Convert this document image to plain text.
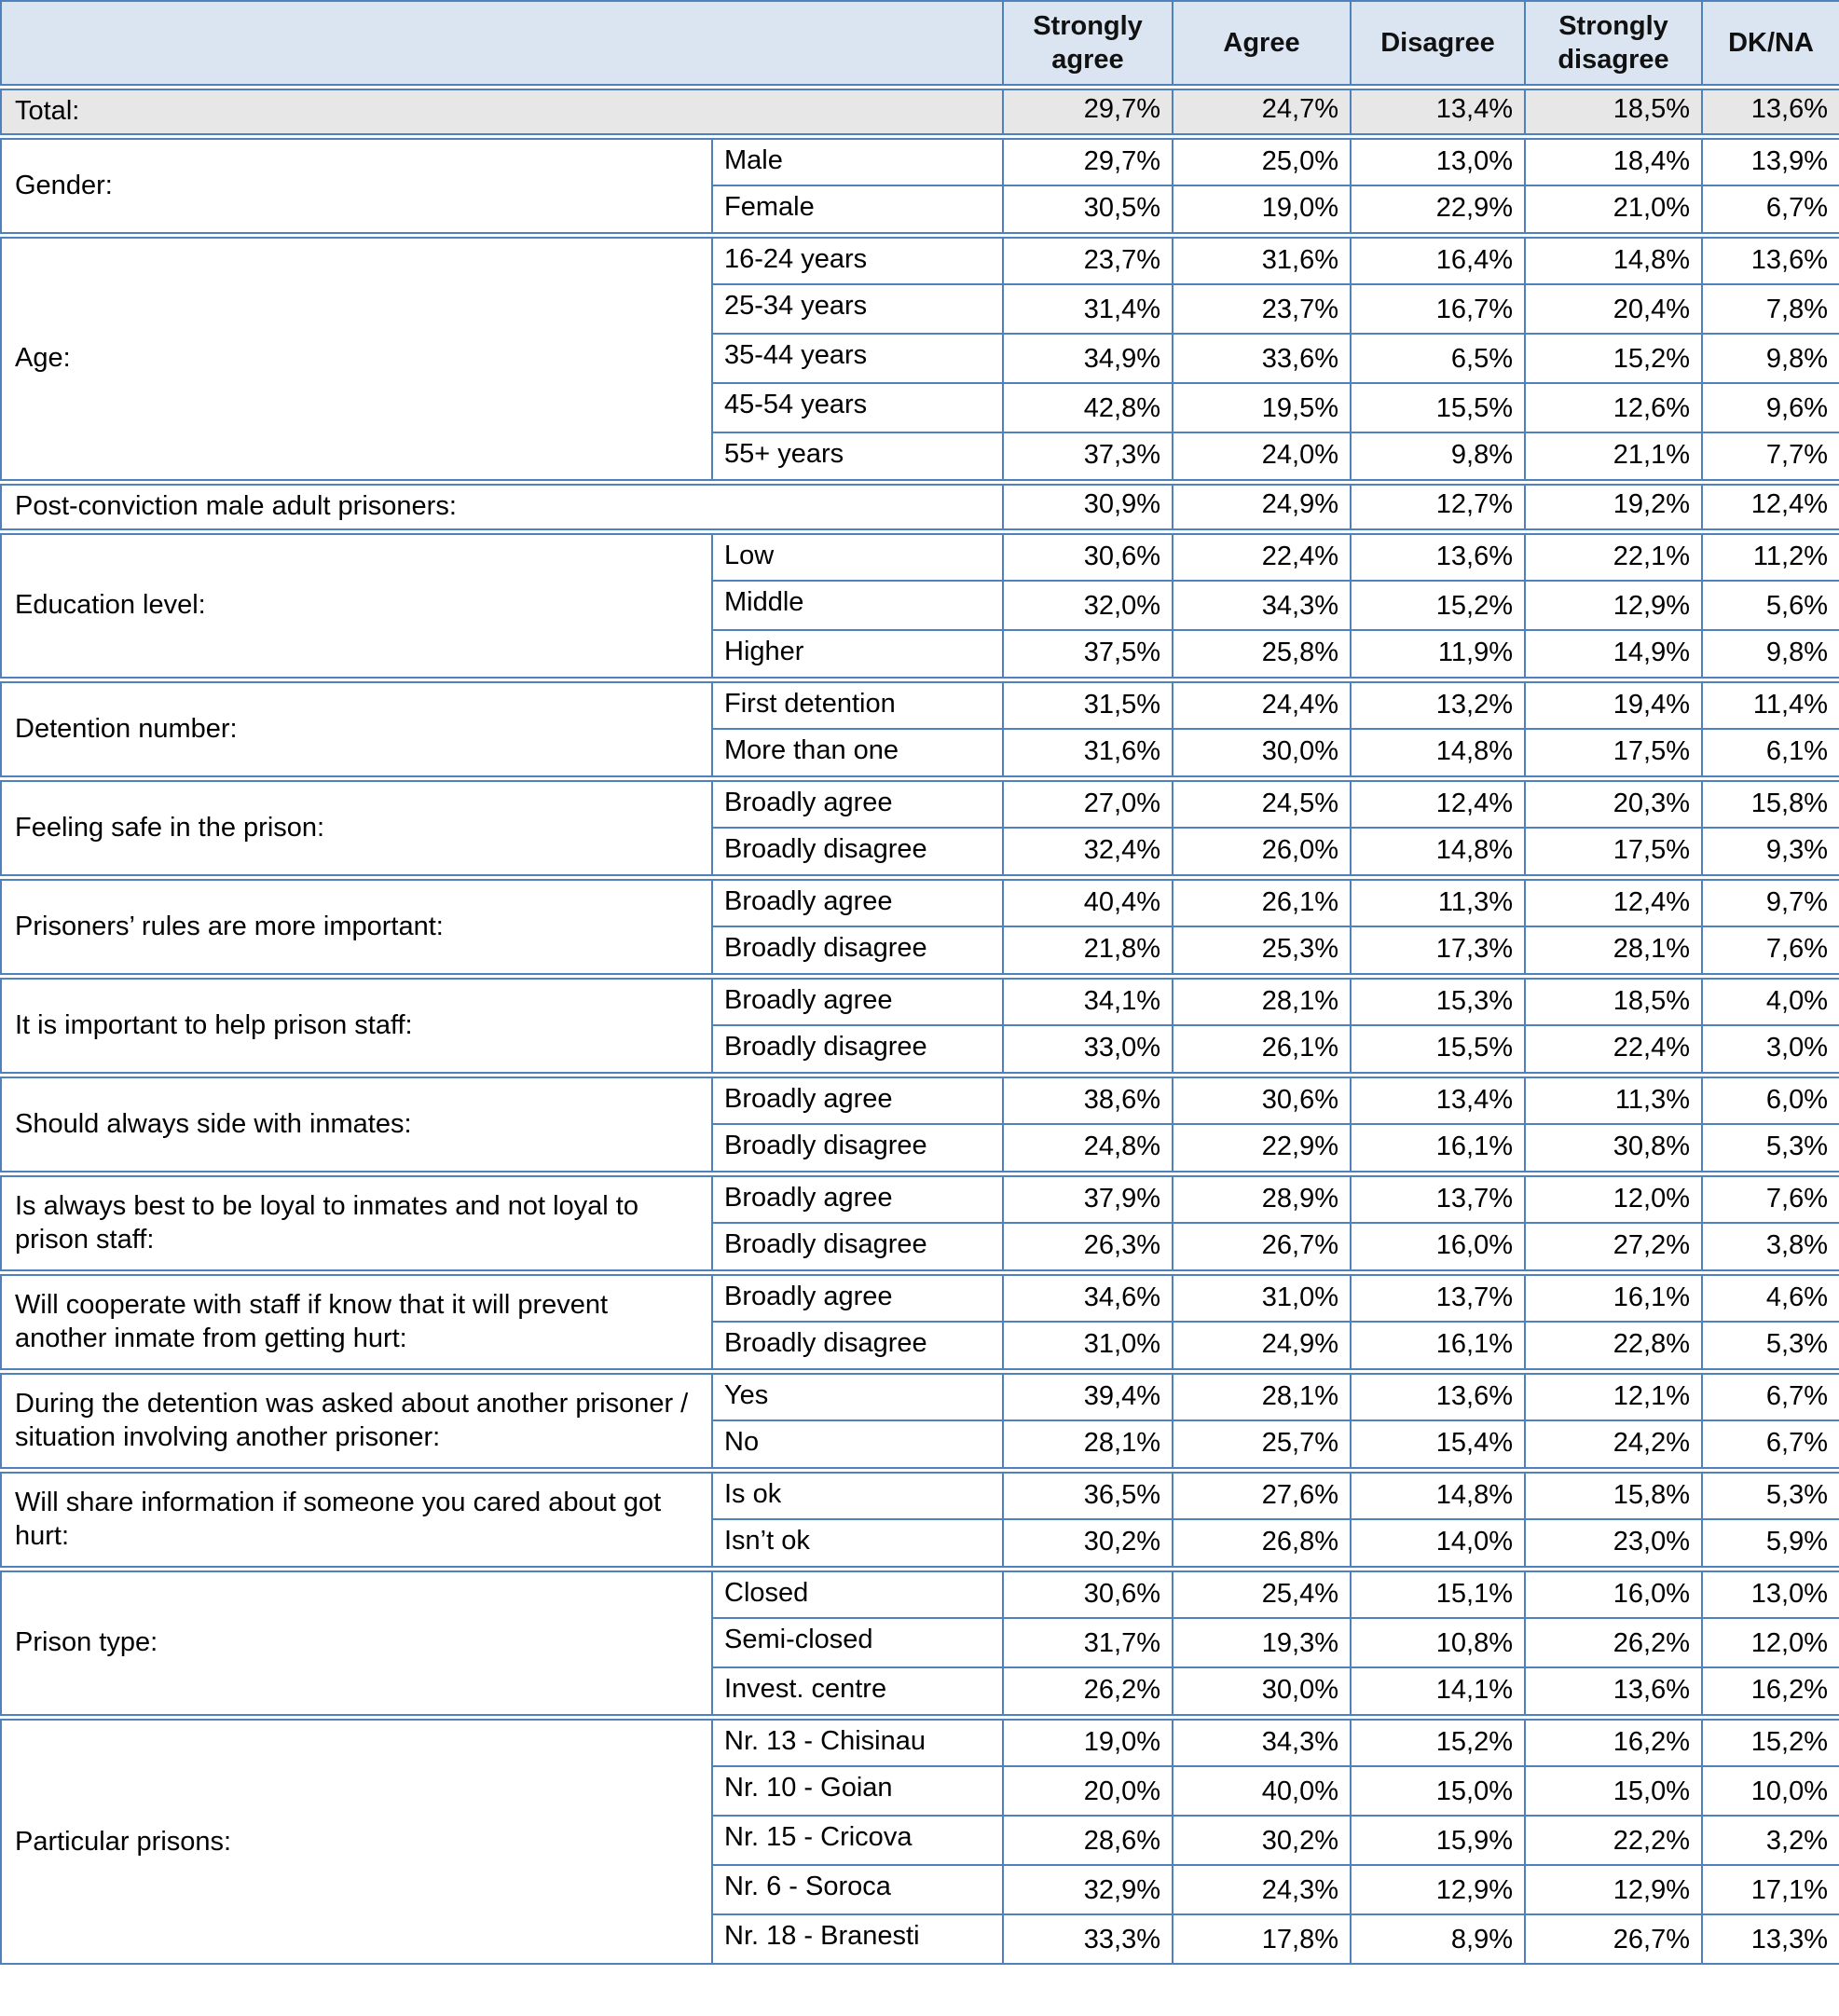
		Strongly agree	Agree	Disagree	Strongly disagree	DK/NA
Total:		29,7%	24,7%	13,4%	18,5%	13,6%
Gender:	Male	29,7%	25,0%	13,0%	18,4%	13,9%
	Female	30,5%	19,0%	22,9%	21,0%	6,7%
Age:	16-24 years	23,7%	31,6%	16,4%	14,8%	13,6%
	25-34 years	31,4%	23,7%	16,7%	20,4%	7,8%
	35-44 years	34,9%	33,6%	6,5%	15,2%	9,8%
	45-54 years	42,8%	19,5%	15,5%	12,6%	9,6%
	55+ years	37,3%	24,0%	9,8%	21,1%	7,7%
Post-conviction male adult prisoners:		30,9%	24,9%	12,7%	19,2%	12,4%
Education level:	Low	30,6%	22,4%	13,6%	22,1%	11,2%
	Middle	32,0%	34,3%	15,2%	12,9%	5,6%
	Higher	37,5%	25,8%	11,9%	14,9%	9,8%
Detention number:	First detention	31,5%	24,4%	13,2%	19,4%	11,4%
	More than one	31,6%	30,0%	14,8%	17,5%	6,1%
Feeling safe in the prison:	Broadly agree	27,0%	24,5%	12,4%	20,3%	15,8%
	Broadly disagree	32,4%	26,0%	14,8%	17,5%	9,3%
Prisoners’ rules are more important:	Broadly agree	40,4%	26,1%	11,3%	12,4%	9,7%
	Broadly disagree	21,8%	25,3%	17,3%	28,1%	7,6%
It is important to help prison staff:	Broadly agree	34,1%	28,1%	15,3%	18,5%	4,0%
	Broadly disagree	33,0%	26,1%	15,5%	22,4%	3,0%
Should always side with inmates:	Broadly agree	38,6%	30,6%	13,4%	11,3%	6,0%
	Broadly disagree	24,8%	22,9%	16,1%	30,8%	5,3%
Is always best to be loyal to inmates and not loyal to prison staff:	Broadly agree	37,9%	28,9%	13,7%	12,0%	7,6%
	Broadly disagree	26,3%	26,7%	16,0%	27,2%	3,8%
Will cooperate with staff if know that it will prevent another inmate from getting hurt:	Broadly agree	34,6%	31,0%	13,7%	16,1%	4,6%
	Broadly disagree	31,0%	24,9%	16,1%	22,8%	5,3%
During the detention was asked about another prisoner / situation involving another prisoner:	Yes	39,4%	28,1%	13,6%	12,1%	6,7%
	No	28,1%	25,7%	15,4%	24,2%	6,7%
Will share information if someone you cared about got hurt:	Is ok	36,5%	27,6%	14,8%	15,8%	5,3%
	Isn’t ok	30,2%	26,8%	14,0%	23,0%	5,9%
Prison type:	Closed	30,6%	25,4%	15,1%	16,0%	13,0%
	Semi-closed	31,7%	19,3%	10,8%	26,2%	12,0%
	Invest. centre	26,2%	30,0%	14,1%	13,6%	16,2%
Particular prisons:	Nr. 13 - Chisinau	19,0%	34,3%	15,2%	16,2%	15,2%
	Nr. 10 - Goian	20,0%	40,0%	15,0%	15,0%	10,0%
	Nr. 15 - Cricova	28,6%	30,2%	15,9%	22,2%	3,2%
	Nr. 6 - Soroca	32,9%	24,3%	12,9%	12,9%	17,1%
	Nr. 18 - Branesti	33,3%	17,8%	8,9%	26,7%	13,3%
